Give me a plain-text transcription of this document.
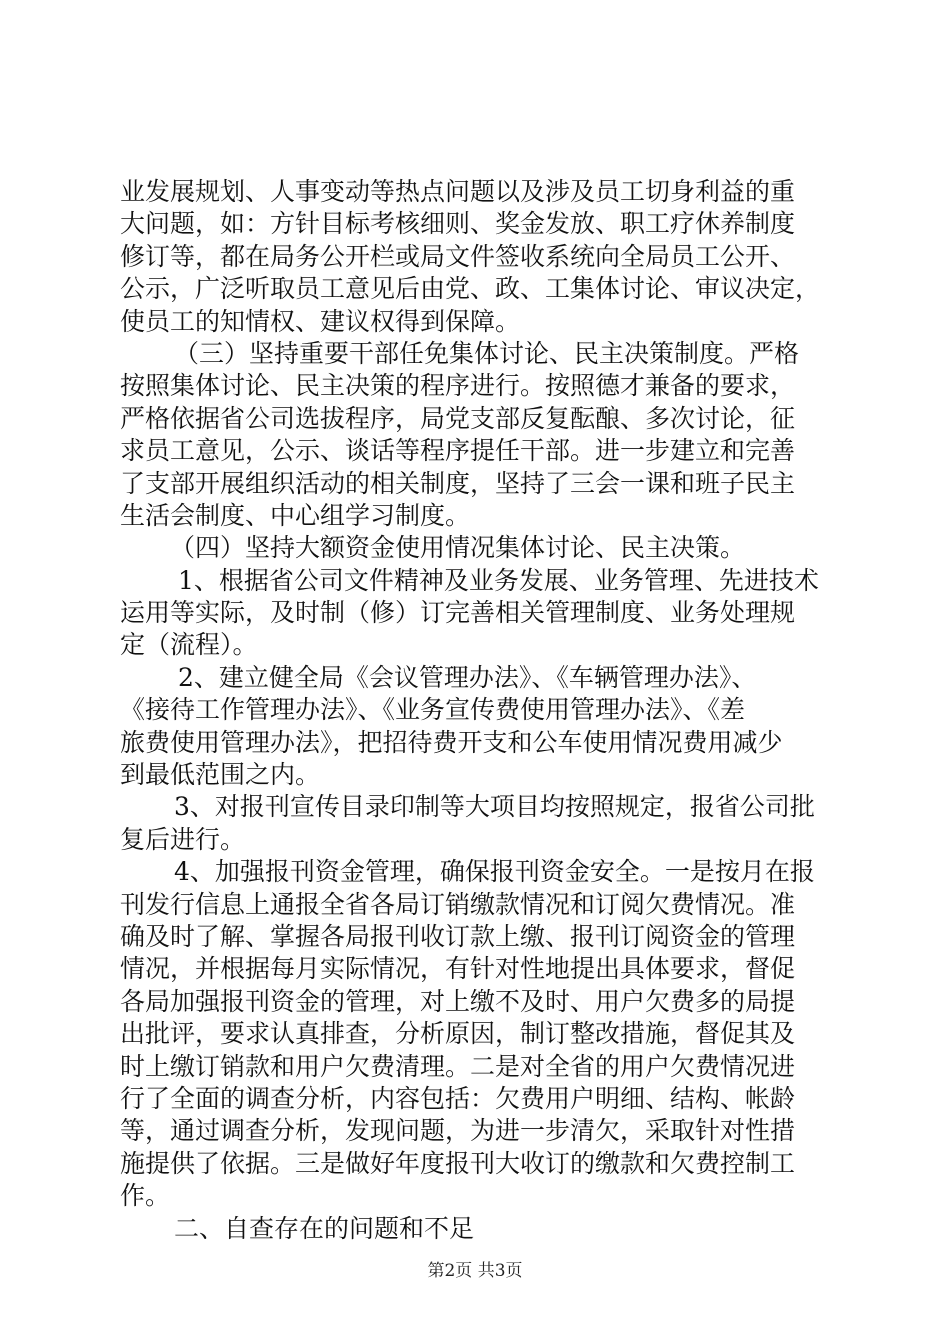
业发展规划、人事变动等热点问题以及涉及员工切身利益的重
大问题，如：方针目标考核细则、奖金发放、职工疗休养制度
修订等，都在局务公开栏或局文件签收系统向全局员工公开、
公示，广泛听取员工意见后由党、政、工集体讨论、审议决定，
使员工的知情权、建议权得到保障。
（三）坚持重要干部任免集体讨论、民主决策制度。严格
按照集体讨论、民主决策的程序进行。按照德才兼备的要求，
严格依据省公司选拔程序，局党支部反复酝酿、多次讨论，征
求员工意见，公示、谈话等程序提任干部。进一步建立和完善
了支部开展组织活动的相关制度，坚持了三会一课和班子民主
生活会制度、中心组学习制度。
（四）坚持大额资金使用情况集体讨论、民主决策。
1、根据省公司文件精神及业务发展、业务管理、先进技术
运用等实际，及时制（修）订完善相关管理制度、业务处理规
定（流程）。
2、建立健全局《会议管理办法》、《车辆管理办法》、
《接待工作管理办法》、《业务宣传费使用管理办法》、《差
旅费使用管理办法》，把招待费开支和公车使用情况费用减少
到最低范围之内。
3、对报刊宣传目录印制等大项目均按照规定，报省公司批
复后进行。
4、加强报刊资金管理，确保报刊资金安全。一是按月在报
刊发行信息上通报全省各局订销缴款情况和订阅欠费情况。准
确及时了解、掌握各局报刊收订款上缴、报刊订阅资金的管理
情况，并根据每月实际情况，有针对性地提出具体要求，督促
各局加强报刊资金的管理，对上缴不及时、用户欠费多的局提
出批评，要求认真排查，分析原因，制订整改措施，督促其及
时上缴订销款和用户欠费清理。二是对全省的用户欠费情况进
行了全面的调查分析，内容包括：欠费用户明细、结构、帐龄
等，通过调查分析，发现问题，为进一步清欠，采取针对性措
施提供了依据。三是做好年度报刊大收订的缴款和欠费控制工
作。
二、自查存在的问题和不足
第2页 共3页
